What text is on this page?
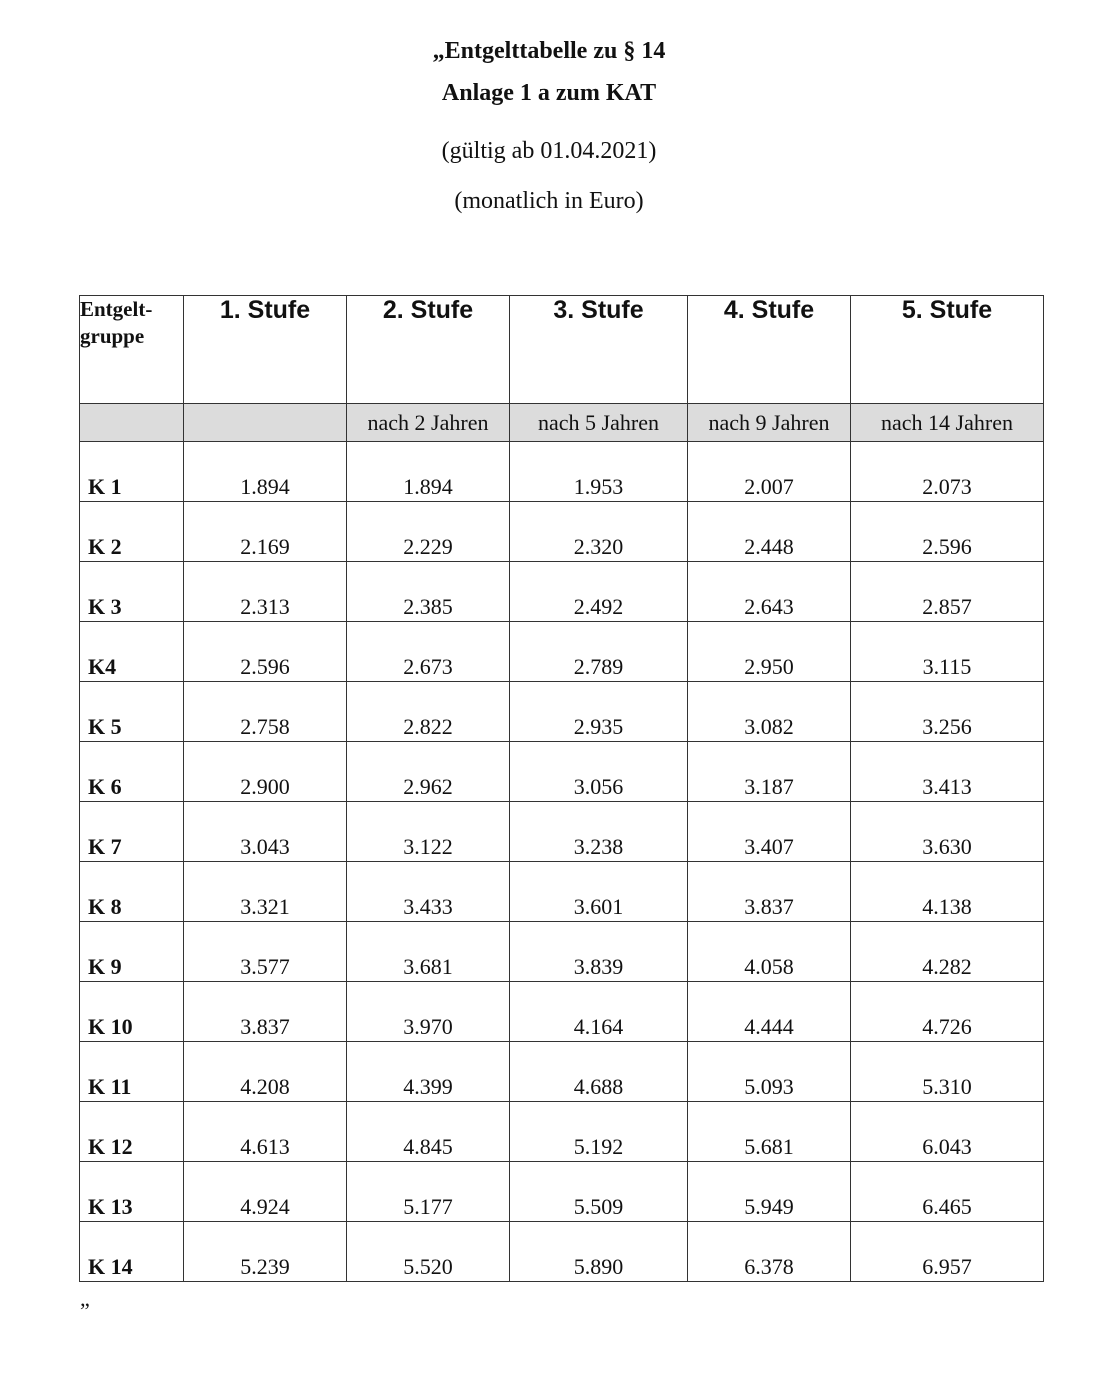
„Entgelttabelle zu § 14
Anlage 1 a zum KAT
(gültig ab 01.04.2021)
(monatlich in Euro)
Entgelt-
gruppe	1. Stufe	2. Stufe	3. Stufe	4. Stufe	5. Stufe
		nach 2 Jahren	nach 5 Jahren	nach 9 Jahren	nach 14 Jahren
K 1	1.894	1.894	1.953	2.007	2.073
K 2	2.169	2.229	2.320	2.448	2.596
K 3	2.313	2.385	2.492	2.643	2.857
K4	2.596	2.673	2.789	2.950	3.115
K 5	2.758	2.822	2.935	3.082	3.256
K 6	2.900	2.962	3.056	3.187	3.413
K 7	3.043	3.122	3.238	3.407	3.630
K 8	3.321	3.433	3.601	3.837	4.138
K 9	3.577	3.681	3.839	4.058	4.282
K 10	3.837	3.970	4.164	4.444	4.726
K 11	4.208	4.399	4.688	5.093	5.310
K 12	4.613	4.845	5.192	5.681	6.043
K 13	4.924	5.177	5.509	5.949	6.465
K 14	5.239	5.520	5.890	6.378	6.957
”
